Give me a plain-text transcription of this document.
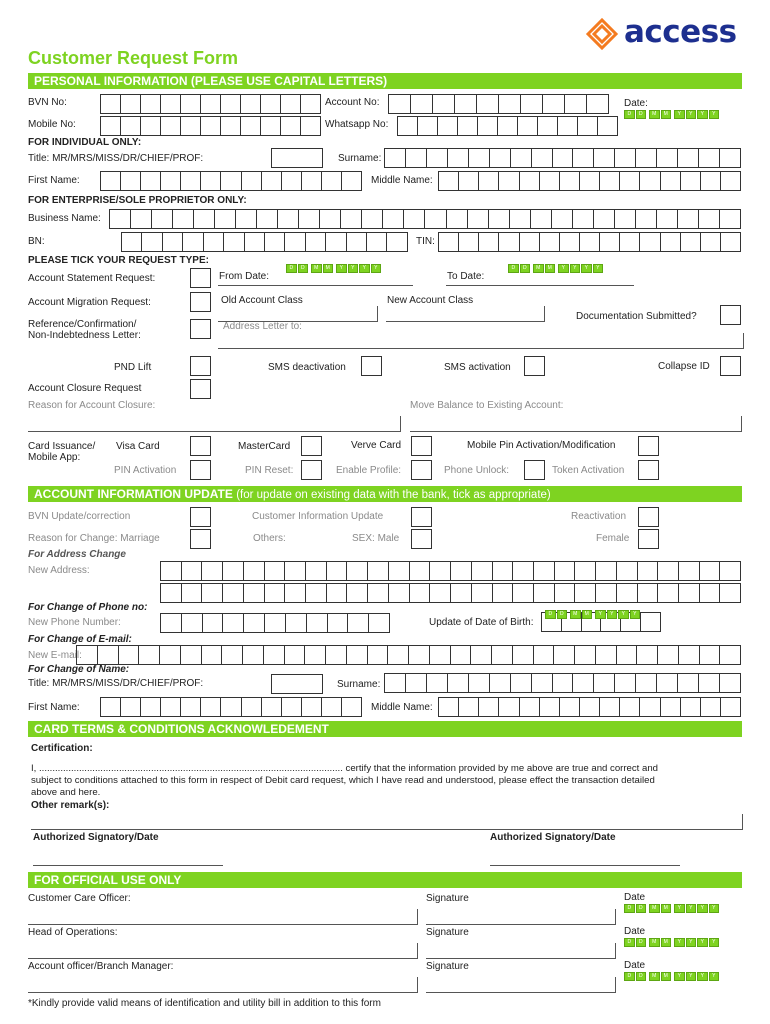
access
Customer Request Form
PERSONAL INFORMATION (PLEASE USE CAPITAL LETTERS)
BVN No:	Account No:	Date:
D	D	M	M	Y	Y	Y	Y
Mobile No:	Whatsapp No:
FOR INDIVIDUAL ONLY:
Title: MR/MRS/MISS/DR/CHIEF/PROF:	Surname:
First Name:	Middle Name:
FOR ENTERPRISE/SOLE PROPRIETOR ONLY:
Business Name:
BN:	TIN:
PLEASE TICK YOUR REQUEST TYPE:
Account Statement Request:	From Date:
D	D	M	M	Y	Y	Y	Y
To Date:
D	D	M	M	Y	Y	Y	Y
Account Migration Request:	Old Account Class	New Account Class
Documentation Submitted?
Reference/Confirmation/
Non-Indebtedness Letter:
Address Letter to:
PND Lift	SMS deactivation	SMS activation	Collapse ID
Account Closure Request
Reason for Account Closure:	Move Balance to Existing Account:
Card Issuance/
Mobile App:
Visa Card	MasterCard	Verve Card	Mobile Pin Activation/Modification
PIN Activation	PIN Reset:	Enable Profile:	Phone Unlock:	Token Activation
ACCOUNT INFORMATION UPDATE (for update on existing data with the bank, tick as appropriate)
BVN Update/correction	Customer Information Update	Reactivation
Reason for Change: Marriage	Others:	SEX: Male	Female
For Address Change
New Address:
For Change of Phone no:
New Phone Number:	Update of Date of Birth:
D	D	M	M	Y	Y	Y	Y
For Change of E-mail:
New E-mail:
For Change of Name:
Title: MR/MRS/MISS/DR/CHIEF/PROF:	Surname:
First Name:	Middle Name:
CARD TERMS & CONDITIONS ACKNOWLEDEMENT
Certification:
I, .................................................................................................................. certify that the information provided by me above are true and correct and
subject to conditions attached to this form in respect of Debit card request, which I have read and understood, please effect the transaction detailed
above and here.
Other remark(s):
Authorized Signatory/Date	Authorized Signatory/Date
FOR OFFICIAL USE ONLY
Customer Care Officer:	Signature	Date
D	D	M	M	Y	Y	Y	Y
Head of Operations:	Signature	Date
D	D	M	M	Y	Y	Y	Y
Account officer/Branch Manager:	Signature	Date
D	D	M	M	Y	Y	Y	Y
*Kindly provide valid means of identification and utility bill in addition to this form
